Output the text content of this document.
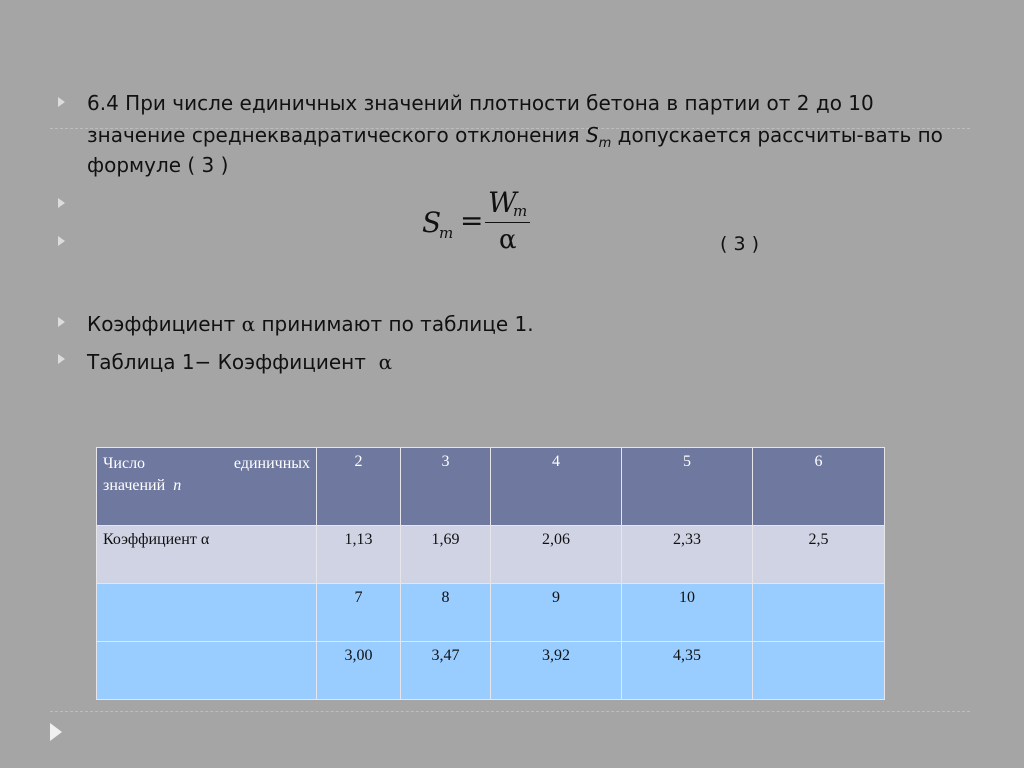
6.4 При числе единичных значений плотности бетона в партии от 2 до 10
значение среднеквадратического отклонения $S_m$ допускается рассчиты-вать по
формуле ( 3 )
S
m =
W
m
α	( 3 )
Коэффициент α принимают по таблице 1.
Таблица 1− Коэффициент  α
Число единичных
значений  n	2	3	4	5	6
Коэффициент α	1,13	1,69	2,06	2,33	2,5
	7	8	9	10	
	3,00	3,47	3,92	4,35	
